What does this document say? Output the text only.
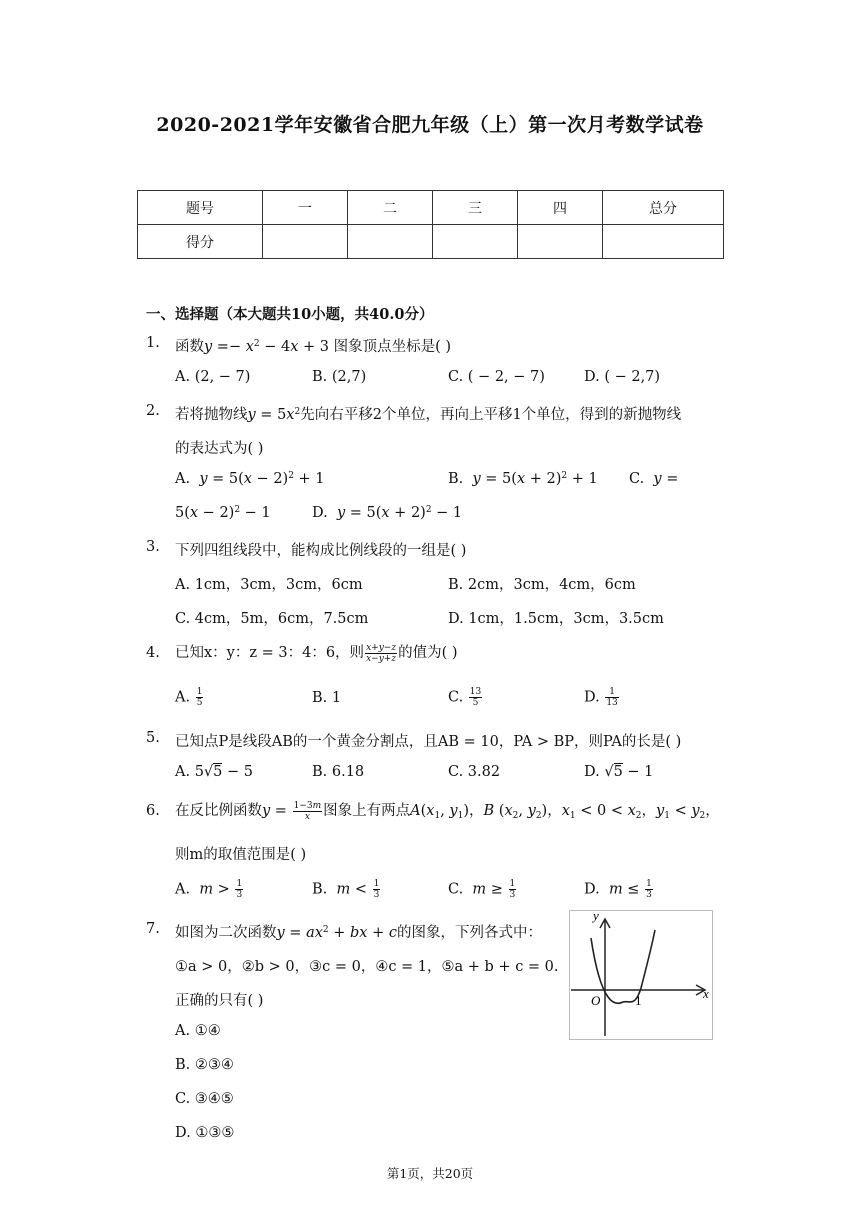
2020-2021学年安徽省合肥九年级（上）第一次月考数学试卷
题号	一	二	三	四	总分
得分					
一、选择题（本大题共10小题，共40.0分）
1. 函数$y =- x^2 - 4x + 3$ 图象顶点坐标是( )
A. (2, − 7)	B. (2,7)	C. ( − 2, − 7)	D. ( − 2,7)
2. 若将抛物线$y = 5x^2$先向右平移2个单位，再向上平移1个单位，得到的新抛物线
的表达式为( )
A.  $y = 5(x - 2)^2 + 1$	B.  $y = 5(x + 2)^2 + 1$ C.  y =
$5(x - 2)^2 - 1$	D.  $y = 5(x + 2)^2 - 1$
3. 下列四组线段中，能构成比例线段的一组是( )
A. 1cm，3cm，3cm，6cm	B. 2cm，3cm，4cm，6cm
C. 4cm，5m，6cm，7.5cm	D. 1cm，1.5cm，3cm，3.5cm
4. 已知x：y：z = 3：4：6，则 $\frac{x+y-z}{x-y+z}$ 的值为( )
A. $\frac{1}{5}$	B. 1	C. $\frac{13}{5}$	D. $\frac{1}{13}$
5. 已知点P是线段AB的一个黄金分割点，且AB = 10，PA > BP，则PA的长是( )
A. 5√5 − 5	B. 6.18	C. 3.82	D. √5 − 1
6. 在反比例函数$y = \frac{1-3m}{x}$ 图象上有两点$A(x_1$, $y_1$)，B ($x_2$, $y_2$)，$x_1 < 0 < x_2$，$y_1 < y_2$，
则m的取值范围是( )
A.  $m > \frac{1}{3}$	B.  $m < \frac{1}{3}$	C.  $m \ge \frac{1}{3}$	D.  $m \le \frac{1}{3}$
7. 如图为二次函数$y = ax^2$ + bx + c的图象，下列各式中：
①a > 0，②b > 0，③c = 0，④c = 1，⑤a + b + c = 0.
正确的只有( )
A. ①④
B. ②③④
C. ③④⑤
D. ①③⑤
y
x
O	1
第1页，共20页
